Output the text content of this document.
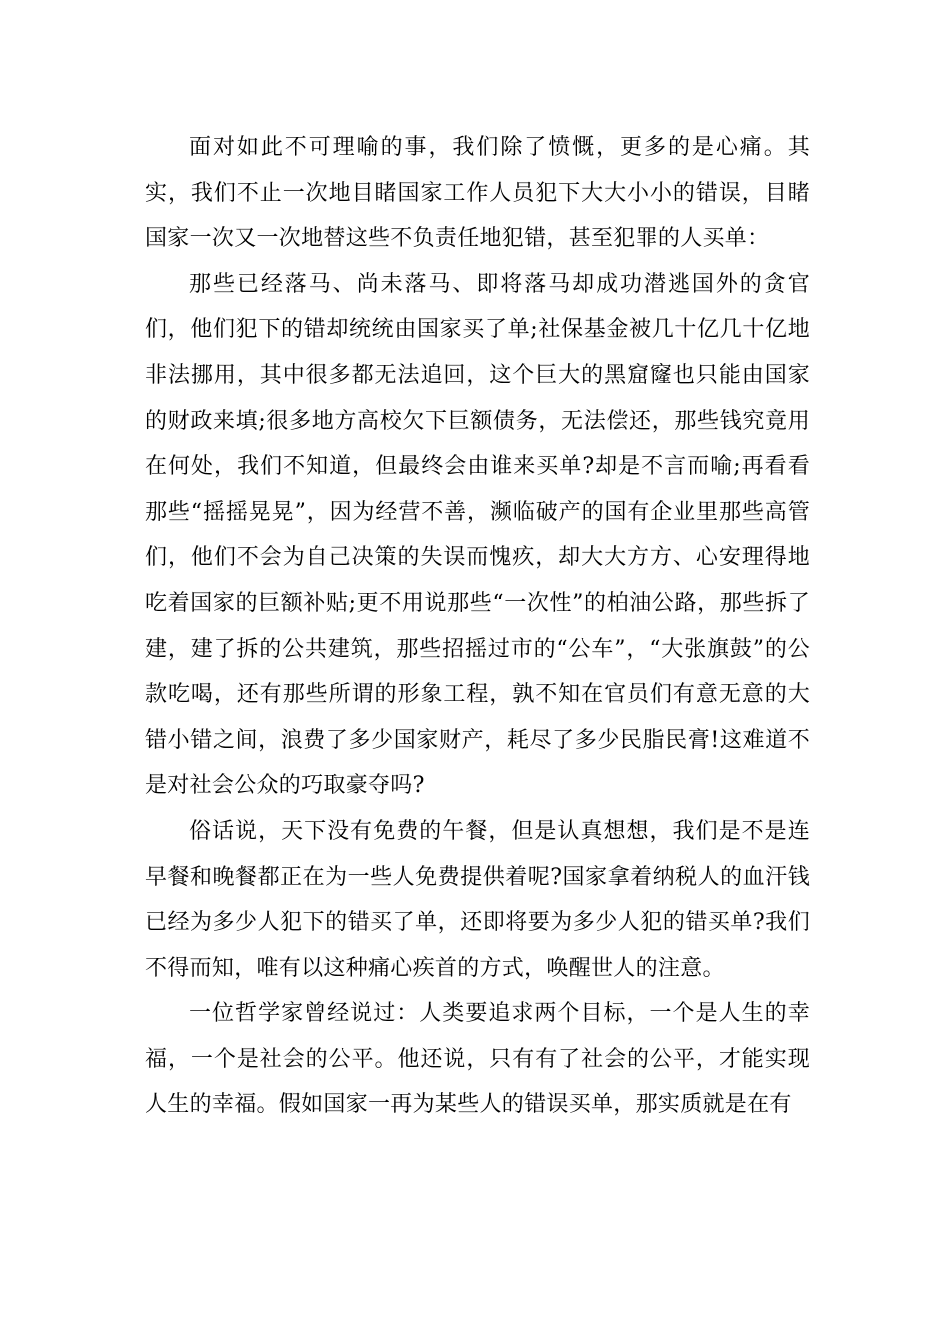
面对如此不可理喻的事，我们除了愤慨，更多的是心痛。其实，我们不止一次地目睹国家工作人员犯下大大小小的错误，目睹国家一次又一次地替这些不负责任地犯错，甚至犯罪的人买单：

那些已经落马、尚未落马、即将落马却成功潜逃国外的贪官们，他们犯下的错却统统由国家买了单;社保基金被几十亿几十亿地非法挪用，其中很多都无法追回，这个巨大的黑窟窿也只能由国家的财政来填;很多地方高校欠下巨额债务，无法偿还，那些钱究竟用在何处，我们不知道，但最终会由谁来买单?却是不言而喻;再看看那些“摇摇晃晃”，因为经营不善，濒临破产的国有企业里那些高管们，他们不会为自己决策的失误而愧疚，却大大方方、心安理得地吃着国家的巨额补贴;更不用说那些“一次性”的柏油公路，那些拆了建，建了拆的公共建筑，那些招摇过市的“公车”，“大张旗鼓”的公款吃喝，还有那些所谓的形象工程，孰不知在官员们有意无意的大错小错之间，浪费了多少国家财产，耗尽了多少民脂民膏!这难道不是对社会公众的巧取豪夺吗?

俗话说，天下没有免费的午餐，但是认真想想，我们是不是连早餐和晚餐都正在为一些人免费提供着呢?国家拿着纳税人的血汗钱已经为多少人犯下的错买了单，还即将要为多少人犯的错买单?我们不得而知，唯有以这种痛心疾首的方式，唤醒世人的注意。

一位哲学家曾经说过：人类要追求两个目标，一个是人生的幸福，一个是社会的公平。他还说，只有有了社会的公平，才能实现人生的幸福。假如国家一再为某些人的错误买单，那实质就是在有
